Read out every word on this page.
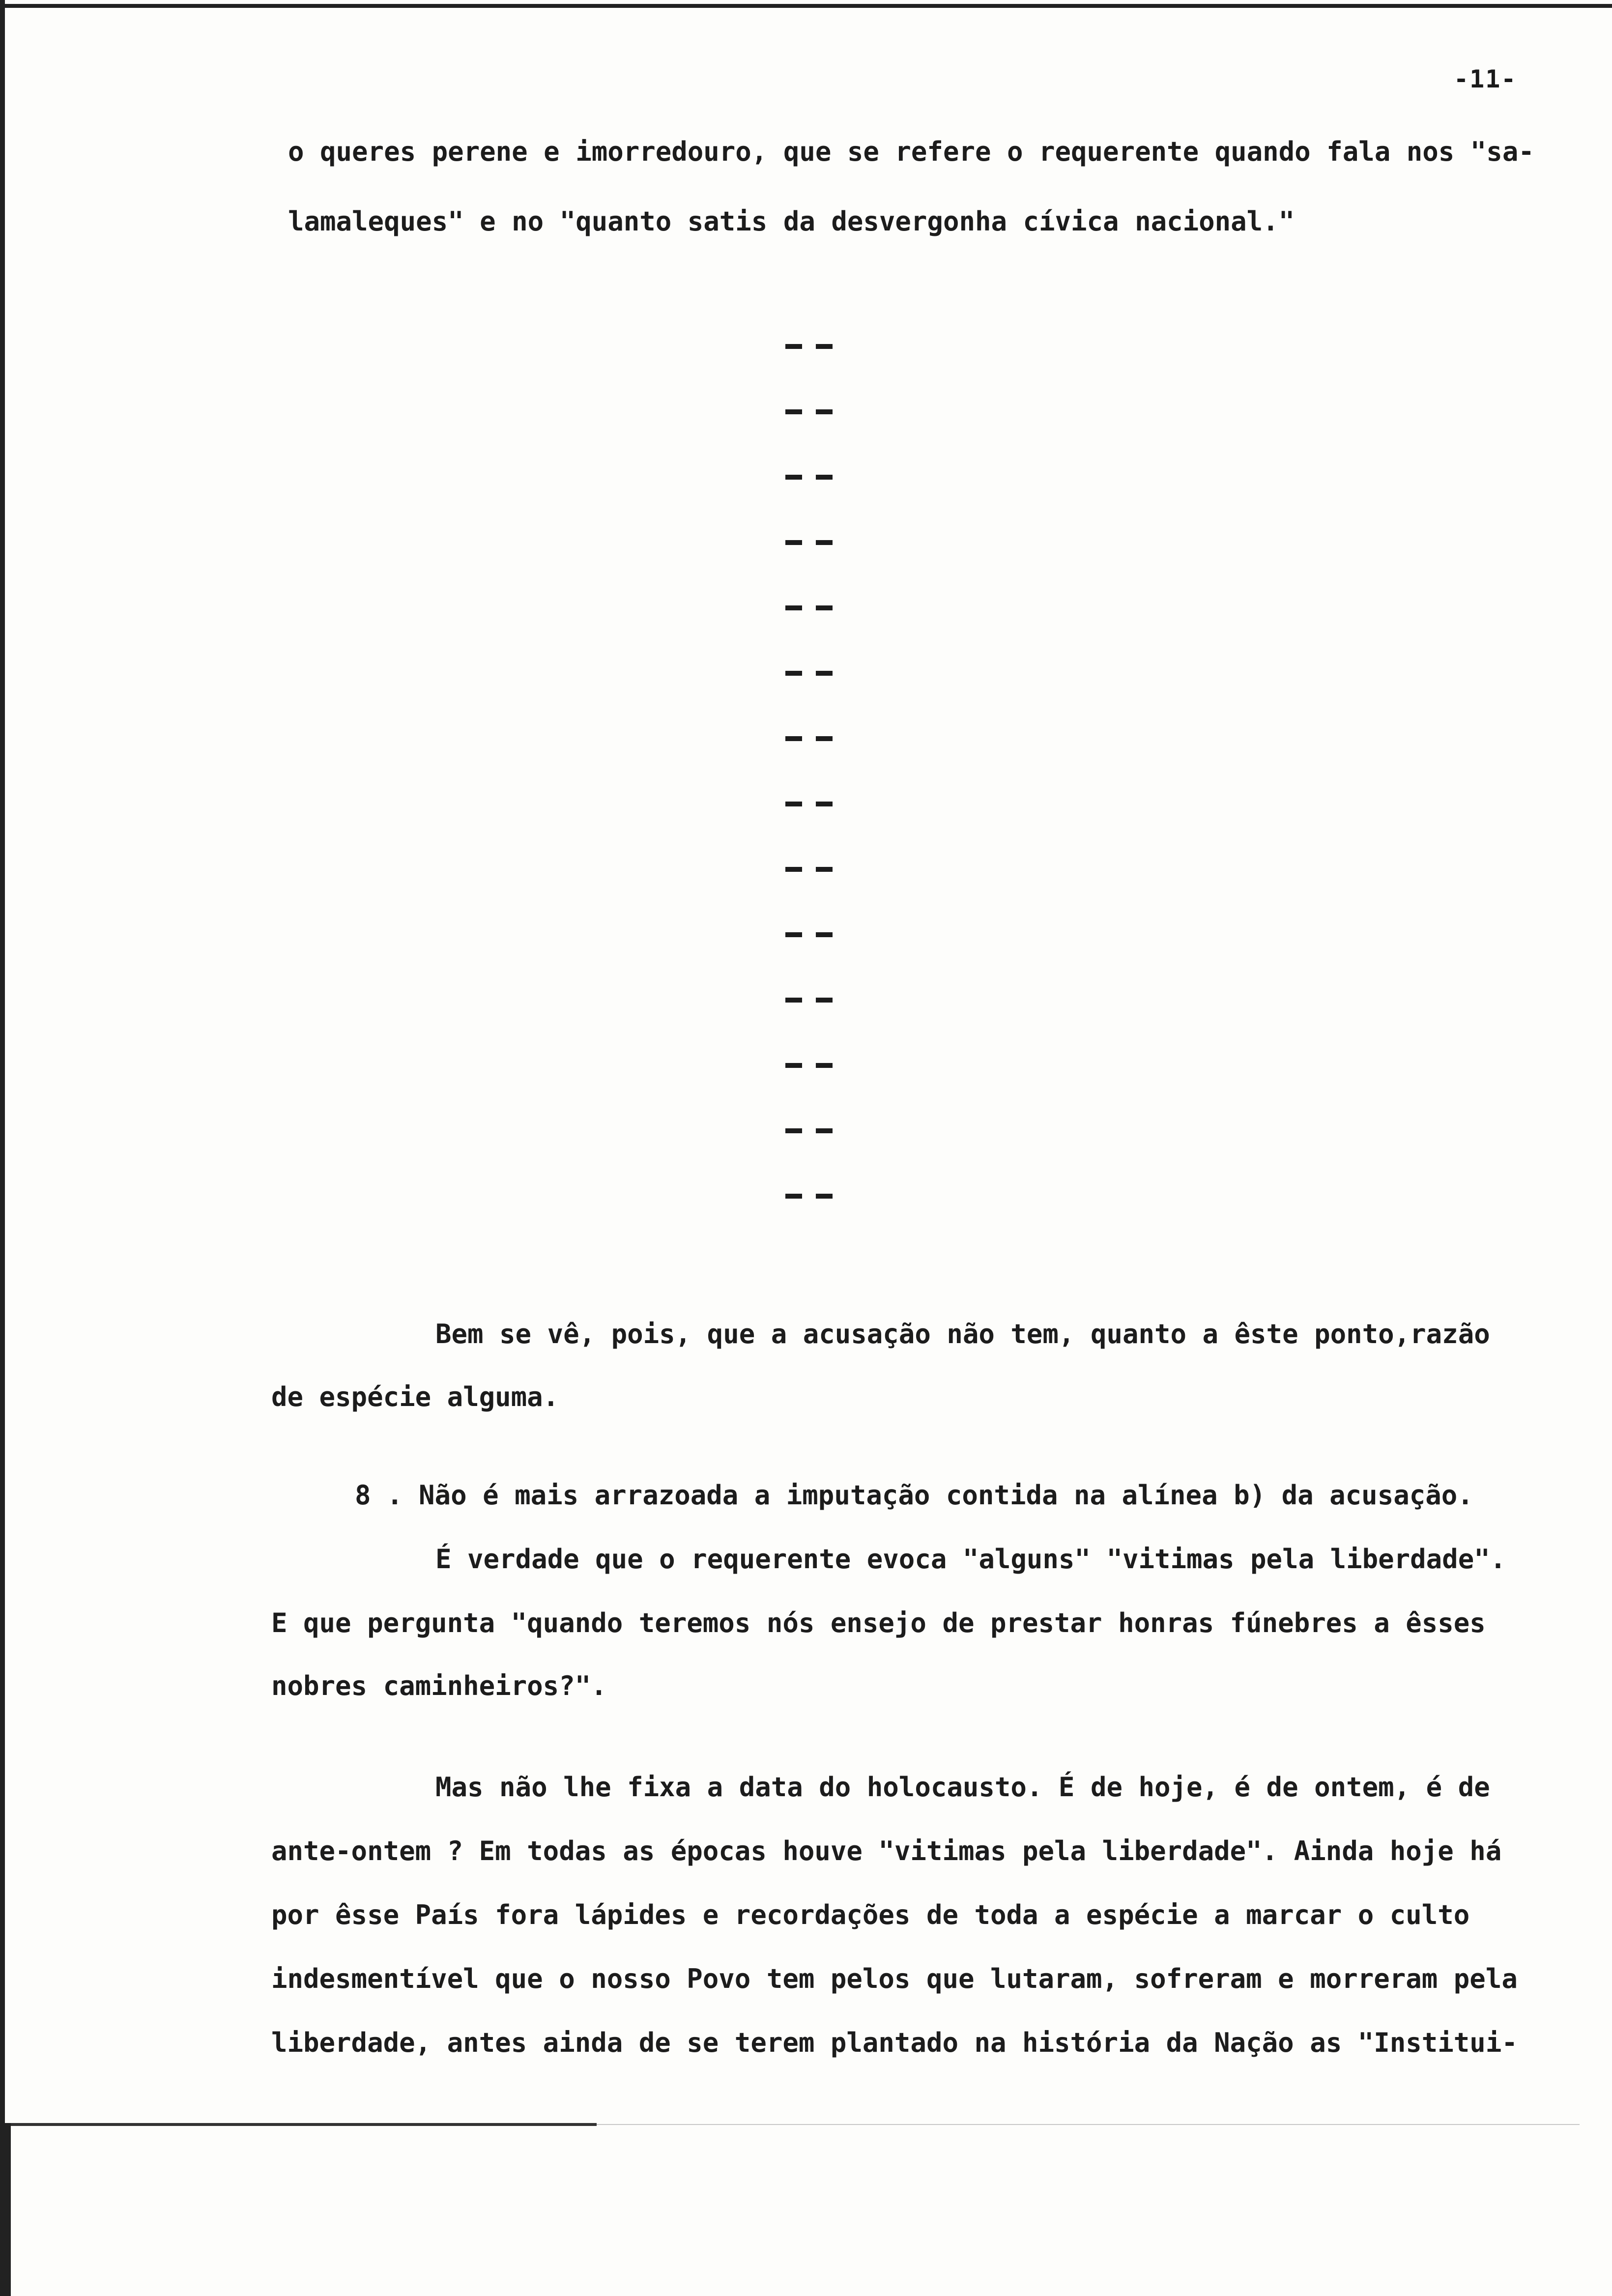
-11-
o queres perene e imorredouro, que se refere o requerente quando fala nos "sa-
lamaleques" e no "quanto satis da desvergonha cívica nacional."
Bem se vê, pois, que a acusação não tem, quanto a êste ponto,razão
de espécie alguma.
8 . Não é mais arrazoada a imputação contida na alínea b) da acusação.
É verdade que o requerente evoca "alguns" "vitimas pela liberdade".
E que pergunta "quando teremos nós ensejo de prestar honras fúnebres a êsses
nobres caminheiros?".
Mas não lhe fixa a data do holocausto. É de hoje, é de ontem, é de
ante-ontem ? Em todas as épocas houve "vitimas pela liberdade". Ainda hoje há
por êsse País fora lápides e recordações de toda a espécie a marcar o culto
indesmentível que o nosso Povo tem pelos que lutaram, sofreram e morreram pela
liberdade, antes ainda de se terem plantado na história da Nação as "Institui-
